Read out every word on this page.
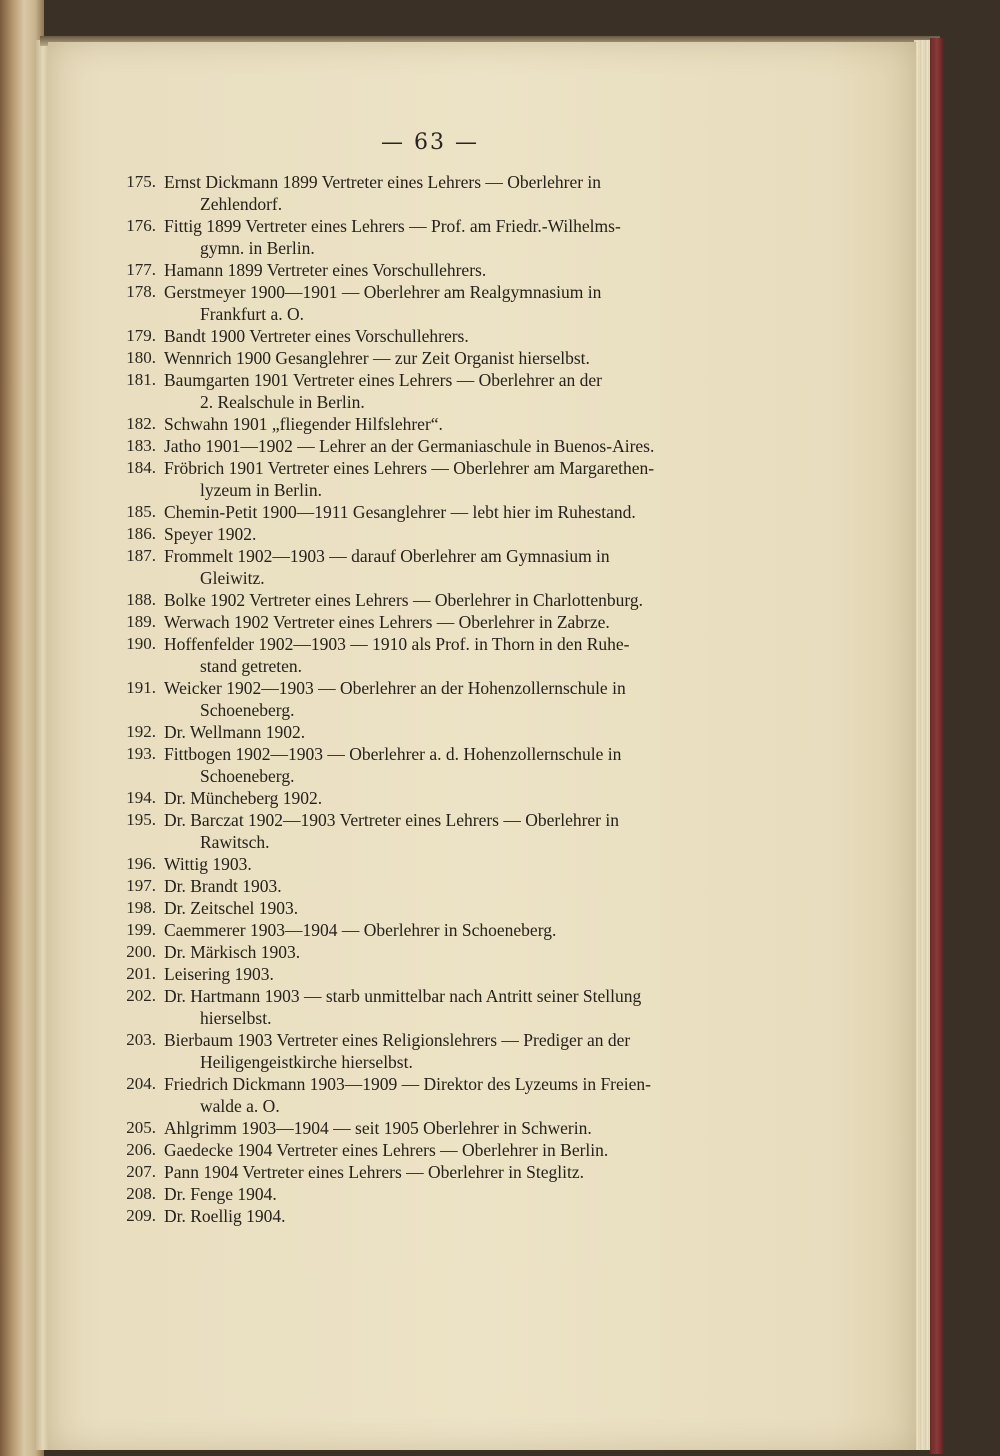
— 63 —
175. Ernst Dickmann 1899 Vertreter eines Lehrers — Oberlehrer in
Zehlendorf.
176. Fittig 1899 Vertreter eines Lehrers — Prof. am Friedr.-Wilhelms-
gymn. in Berlin.
177. Hamann 1899 Vertreter eines Vorschullehrers.
178. Gerstmeyer 1900—1901 — Oberlehrer am Realgymnasium in
Frankfurt a. O.
179. Bandt 1900 Vertreter eines Vorschullehrers.
180. Wennrich 1900 Gesanglehrer — zur Zeit Organist hierselbst.
181. Baumgarten 1901 Vertreter eines Lehrers — Oberlehrer an der
2. Realschule in Berlin.
182. Schwahn 1901 „fliegender Hilfslehrer“.
183. Jatho 1901—1902 — Lehrer an der Germaniaschule in Buenos-Aires.
184. Fröbrich 1901 Vertreter eines Lehrers — Oberlehrer am Margarethen-
lyzeum in Berlin.
185. Chemin-Petit 1900—1911 Gesanglehrer — lebt hier im Ruhestand.
186. Speyer 1902.
187. Frommelt 1902—1903 — darauf Oberlehrer am Gymnasium in
Gleiwitz.
188. Bolke 1902 Vertreter eines Lehrers — Oberlehrer in Charlottenburg.
189. Werwach 1902 Vertreter eines Lehrers — Oberlehrer in Zabrze.
190. Hoffenfelder 1902—1903 — 1910 als Prof. in Thorn in den Ruhe-
stand getreten.
191. Weicker 1902—1903 — Oberlehrer an der Hohenzollernschule in
Schoeneberg.
192. Dr. Wellmann 1902.
193. Fittbogen 1902—1903 — Oberlehrer a. d. Hohenzollernschule in
Schoeneberg.
194. Dr. Müncheberg 1902.
195. Dr. Barczat 1902—1903 Vertreter eines Lehrers — Oberlehrer in
Rawitsch.
196. Wittig 1903.
197. Dr. Brandt 1903.
198. Dr. Zeitschel 1903.
199. Caemmerer 1903—1904 — Oberlehrer in Schoeneberg.
200. Dr. Märkisch 1903.
201. Leisering 1903.
202. Dr. Hartmann 1903 — starb unmittelbar nach Antritt seiner Stellung
hierselbst.
203. Bierbaum 1903 Vertreter eines Religionslehrers — Prediger an der
Heiligengeistkirche hierselbst.
204. Friedrich Dickmann 1903—1909 — Direktor des Lyzeums in Freien-
walde a. O.
205. Ahlgrimm 1903—1904 — seit 1905 Oberlehrer in Schwerin.
206. Gaedecke 1904 Vertreter eines Lehrers — Oberlehrer in Berlin.
207. Pann 1904 Vertreter eines Lehrers — Oberlehrer in Steglitz.
208. Dr. Fenge 1904.
209. Dr. Roellig 1904.
